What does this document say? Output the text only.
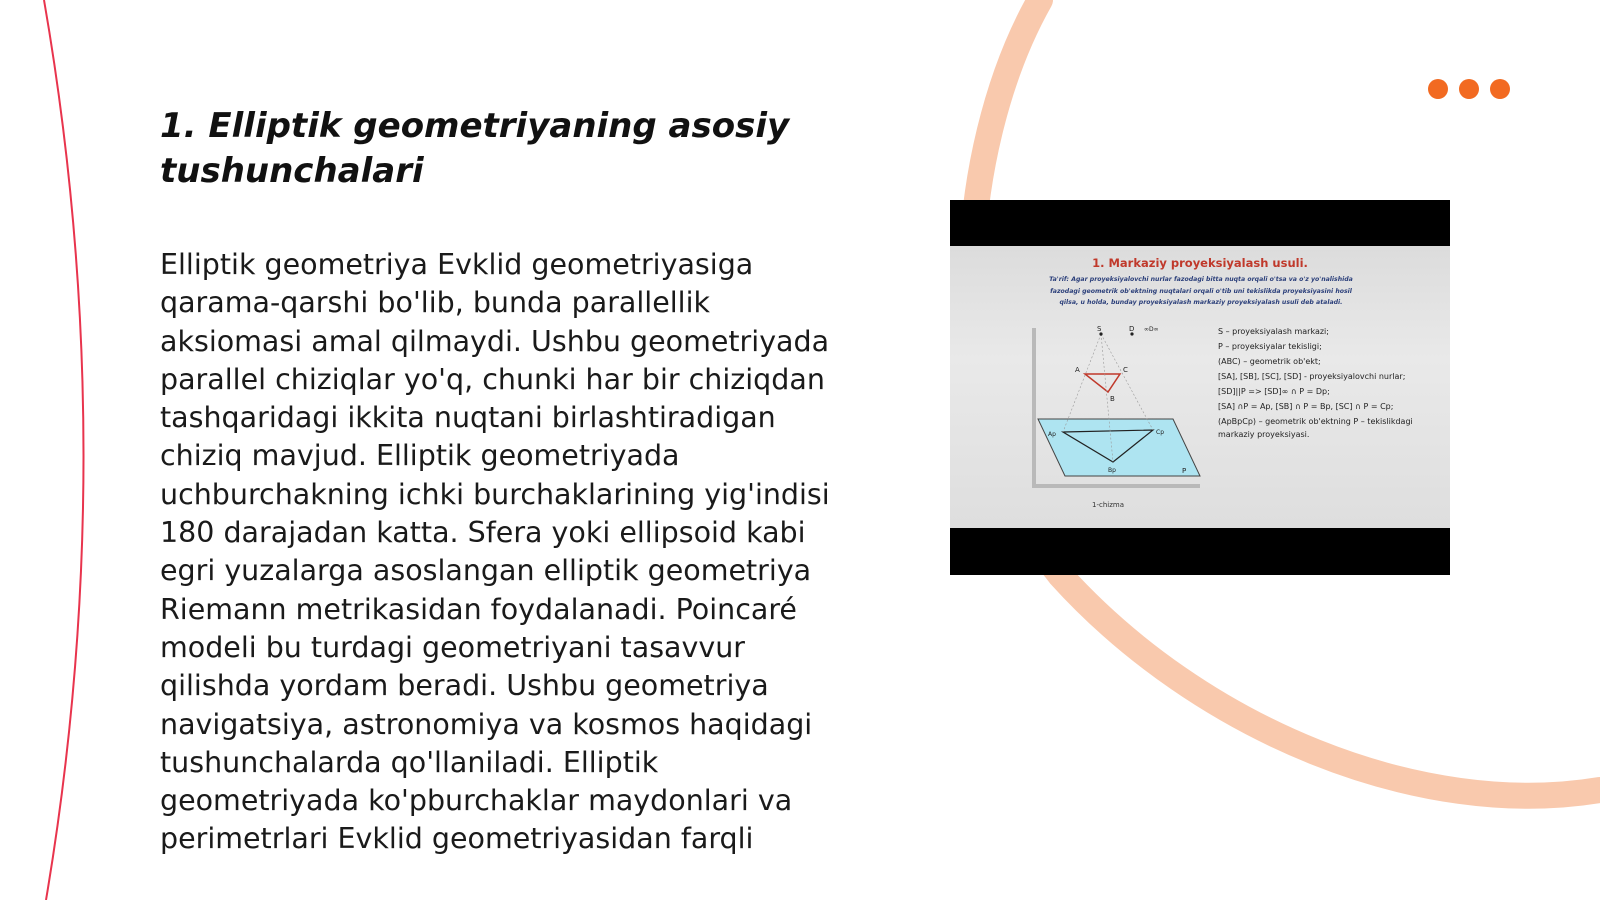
1. Elliptik geometriyaning asosiy tushunchalari

Elliptik geometriya Evklid geometriyasiga qarama-qarshi bo'lib, bunda parallellik aksiomasi amal qilmaydi. Ushbu geometriyada parallel chiziqlar yo'q, chunki har bir chiziqdan tashqaridagi ikkita nuqtani birlashtiradigan chiziq mavjud. Elliptik geometriyada uchburchakning ichki burchaklarining yig'indisi 180 darajadan katta. Sfera yoki ellipsoid kabi egri yuzalarga asoslangan elliptik geometriya Riemann metrikasidan foydalanadi. Poincaré modeli bu turdagi geometriyani tasavvur qilishda yordam beradi. Ushbu geometriya navigatsiya, astronomiya va kosmos haqidagi tushunchalarda qo'llaniladi. Elliptik geometriyada ko'pburchaklar maydonlari va perimetrlari Evklid geometriyasidan farqli

1. Markaziy proyeksiyalash usuli.
Ta'rif: Agar proyeksiyalovchi nurlar fazodagi bitta nuqta orqali o'tsa va o'z yo'nalishida fazodagi geometrik ob'ektning nuqtalari orqali o'tib uni tekislikda proyeksiyasini hosil qilsa, u holda, bunday proyeksiyalash markaziy proyeksiyalash usuli deb ataladi.
S	D ∞D∞
A	C
B
Ap	Cp
Bp	P
S – proyeksiyalash markazi;
P – proyeksiyalar tekisligi;
(ABC) – geometrik ob'ekt;
[SA], [SB], [SC], [SD] - proyeksiyalovchi nurlar;
[SD]||P => [SD]∞ ∩ P = Dp;
[SA] ∩P = Ap, [SB] ∩ P = Bp, [SC] ∩ P = Cp;
(ApBpCp) – geometrik ob'ektning P – tekislikdagi markaziy proyeksiyasi.
1-chizma
